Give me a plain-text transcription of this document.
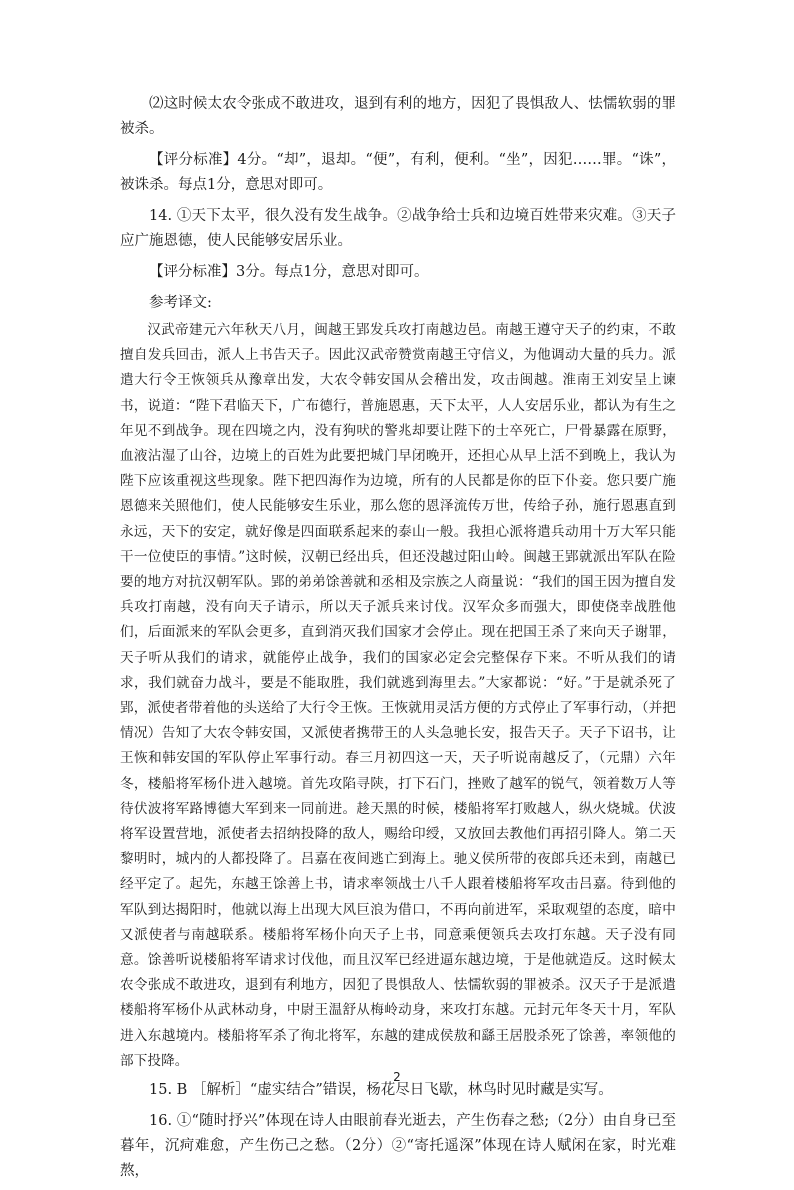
⑵这时候太农令张成不敢进攻，退到有利的地方，因犯了畏惧敌人、怯懦软弱的罪被杀。

【评分标准】4分。“却”，退却。“便”，有利，便利。“坐”，因犯……罪。“诛”，被诛杀。每点1分，意思对即可。

14. ①天下太平，很久没有发生战争。②战争给士兵和边境百姓带来灾难。③天子应广施恩德，使人民能够安居乐业。

【评分标准】3分。每点1分，意思对即可。

参考译文:

汉武帝建元六年秋天八月，闽越王郢发兵攻打南越边邑。南越王遵守天子的约束，不敢擅自发兵回击，派人上书告天子。因此汉武帝赞赏南越王守信义，为他调动大量的兵力。派遣大行令王恢领兵从豫章出发，大农令韩安国从会稽出发，攻击闽越。淮南王刘安呈上谏书，说道：“陛下君临天下，广布德行，普施恩惠，天下太平，人人安居乐业，都认为有生之年见不到战争。现在四境之内，没有狗吠的警兆却要让陛下的士卒死亡，尸骨暴露在原野，血液沾湿了山谷，边境上的百姓为此要把城门早闭晚开，还担心从早上活不到晚上，我认为陛下应该重视这些现象。陛下把四海作为边境，所有的人民都是你的臣下仆妾。您只要广施恩德来关照他们，使人民能够安生乐业，那么您的恩泽流传万世，传给子孙，施行恩惠直到永远，天下的安定，就好像是四面联系起来的泰山一般。我担心派将遣兵动用十万大军只能干一位使臣的事情。”这时候，汉朝已经出兵，但还没越过阳山岭。闽越王郢就派出军队在险要的地方对抗汉朝军队。郢的弟弟馀善就和丞相及宗族之人商量说：“我们的国王因为擅自发兵攻打南越，没有向天子请示，所以天子派兵来讨伐。汉军众多而强大，即使侥幸战胜他们，后面派来的军队会更多，直到消灭我们国家才会停止。现在把国王杀了来向天子谢罪，天子听从我们的请求，就能停止战争，我们的国家必定会完整保存下来。不听从我们的请求，我们就奋力战斗，要是不能取胜，我们就逃到海里去。”大家都说：“好。”于是就杀死了郢，派使者带着他的头送给了大行令王恢。王恢就用灵活方便的方式停止了军事行动，（并把情况）告知了大农令韩安国，又派使者携带王的人头急驰长安，报告天子。天子下诏书，让王恢和韩安国的军队停止军事行动。春三月初四这一天，天子听说南越反了，（元鼎）六年冬，楼船将军杨仆进入越境。首先攻陷寻陕，打下石门，挫败了越军的锐气，领着数万人等待伏波将军路博德大军到来一同前进。趁天黑的时候，楼船将军打败越人，纵火烧城。伏波将军设置营地，派使者去招纳投降的敌人，赐给印绶，又放回去教他们再招引降人。第二天黎明时，城内的人都投降了。吕嘉在夜间逃亡到海上。驰义侯所带的夜郎兵还未到，南越已经平定了。起先，东越王馀善上书，请求率领战士八千人跟着楼船将军攻击吕嘉。待到他的军队到达揭阳时，他就以海上出现大风巨浪为借口，不再向前进军，采取观望的态度，暗中又派使者与南越联系。楼船将军杨仆向天子上书，同意乘便领兵去攻打东越。天子没有同意。馀善听说楼船将军请求讨伐他，而且汉军已经进逼东越边境，于是他就造反。这时候太农令张成不敢进攻，退到有利地方，因犯了畏惧敌人、怯懦软弱的罪被杀。汉天子于是派遣楼船将军杨仆从武林动身，中尉王温舒从梅岭动身，来攻打东越。元封元年冬天十月，军队进入东越境内。楼船将军杀了徇北将军，东越的建成侯敖和繇王居股杀死了馀善，率领他的部下投降。

15. B ［解析］“虚实结合”错误，杨花尽日飞歇，林鸟时见时藏是实写。

16. ①“随时抒兴”体现在诗人由眼前春光逝去，产生伤春之愁;（2分）由自身已至暮年，沉疴难愈，产生伤己之愁。（2分）②“寄托遥深”体现在诗人赋闲在家，时光难熬，

2
